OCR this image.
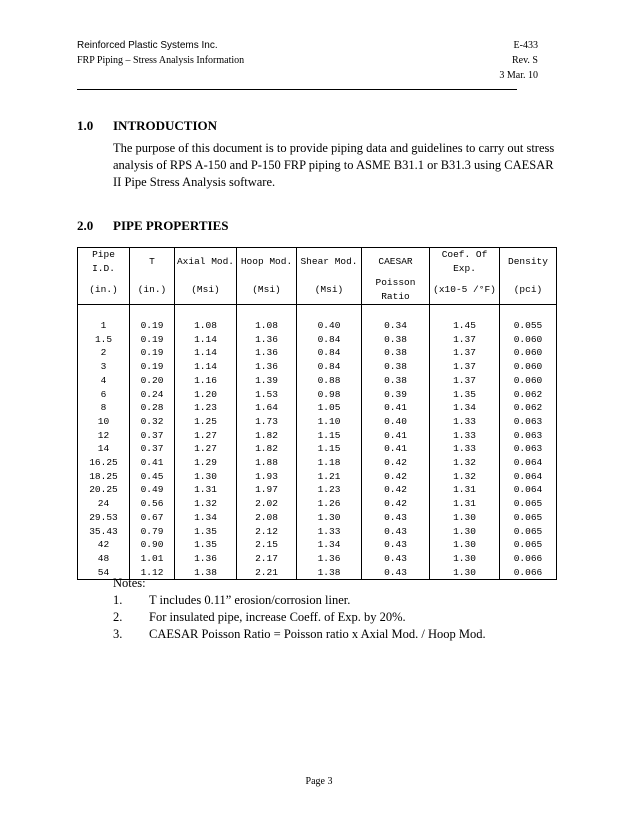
Reinforced Plastic Systems Inc.
FRP Piping – Stress Analysis Information
E-433
Rev. S
3 Mar. 10
1.0 INTRODUCTION
The purpose of this document is to provide piping data and guidelines to carry out stress analysis of RPS A-150 and P-150 FRP piping to ASME B31.1 or B31.3 using CAESAR II Pipe Stress Analysis software.
2.0 PIPE PROPERTIES
Pipe I.D.	T	Axial Mod.	Hoop Mod.	Shear Mod.	CAESAR	Coef. Of Exp.	Density
(in.)	(in.)	(Msi)	(Msi)	(Msi)	Poisson Ratio	(x10-5 /°F)	(pci)

1	0.19	1.08	1.08	0.40	0.34	1.45	0.055
1.5	0.19	1.14	1.36	0.84	0.38	1.37	0.060
2	0.19	1.14	1.36	0.84	0.38	1.37	0.060
3	0.19	1.14	1.36	0.84	0.38	1.37	0.060
4	0.20	1.16	1.39	0.88	0.38	1.37	0.060
6	0.24	1.20	1.53	0.98	0.39	1.35	0.062
8	0.28	1.23	1.64	1.05	0.41	1.34	0.062
10	0.32	1.25	1.73	1.10	0.40	1.33	0.063
12	0.37	1.27	1.82	1.15	0.41	1.33	0.063
14	0.37	1.27	1.82	1.15	0.41	1.33	0.063
16.25	0.41	1.29	1.88	1.18	0.42	1.32	0.064
18.25	0.45	1.30	1.93	1.21	0.42	1.32	0.064
20.25	0.49	1.31	1.97	1.23	0.42	1.31	0.064
24	0.56	1.32	2.02	1.26	0.42	1.31	0.065
29.53	0.67	1.34	2.08	1.30	0.43	1.30	0.065
35.43	0.79	1.35	2.12	1.33	0.43	1.30	0.065
42	0.90	1.35	2.15	1.34	0.43	1.30	0.065
48	1.01	1.36	2.17	1.36	0.43	1.30	0.066
54	1.12	1.38	2.21	1.38	0.43	1.30	0.066
Notes:
1. T includes 0.11” erosion/corrosion liner.
2. For insulated pipe, increase Coeff. of Exp. by 20%.
3. CAESAR Poisson Ratio = Poisson ratio x Axial Mod. / Hoop Mod.
Page 3
